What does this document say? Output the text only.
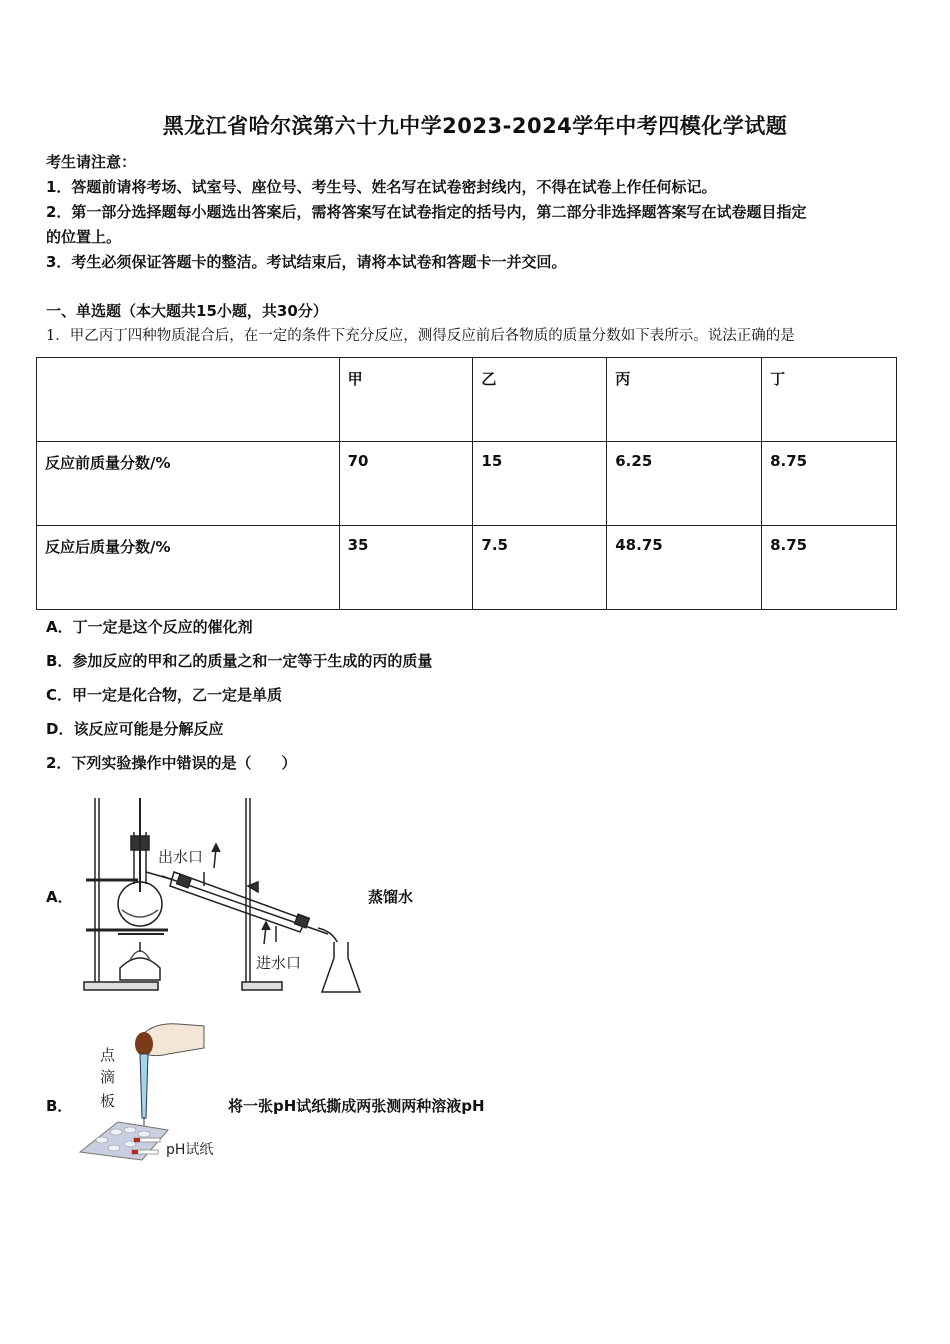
黑龙江省哈尔滨第六十九中学2023-2024学年中考四模化学试题
考生请注意：
1．答题前请将考场、试室号、座位号、考生号、姓名写在试卷密封线内，不得在试卷上作任何标记。
2．第一部分选择题每小题选出答案后，需将答案写在试卷指定的括号内，第二部分非选择题答案写在试卷题目指定
的位置上。
3．考生必须保证答题卡的整洁。考试结束后，请将本试卷和答题卡一并交回。
一、单选题（本大题共15小题，共30分）
1．甲乙丙丁四种物质混合后，在一定的条件下充分反应，测得反应前后各物质的质量分数如下表所示。说法正确的是
	甲	乙	丙	丁
反应前质量分数/%	70	15	6.25	8.75
反应后质量分数/%	35	7.5	48.75	8.75
A．丁一定是这个反应的催化剂
B．参加反应的甲和乙的质量之和一定等于生成的丙的质量
C．甲一定是化合物，乙一定是单质
D．该反应可能是分解反应
2．下列实验操作中错误的是（　　）
A．
出水口
进水口
蒸馏水
B．
点
滴
板
pH试纸
将一张pH试纸撕成两张测两种溶液pH
